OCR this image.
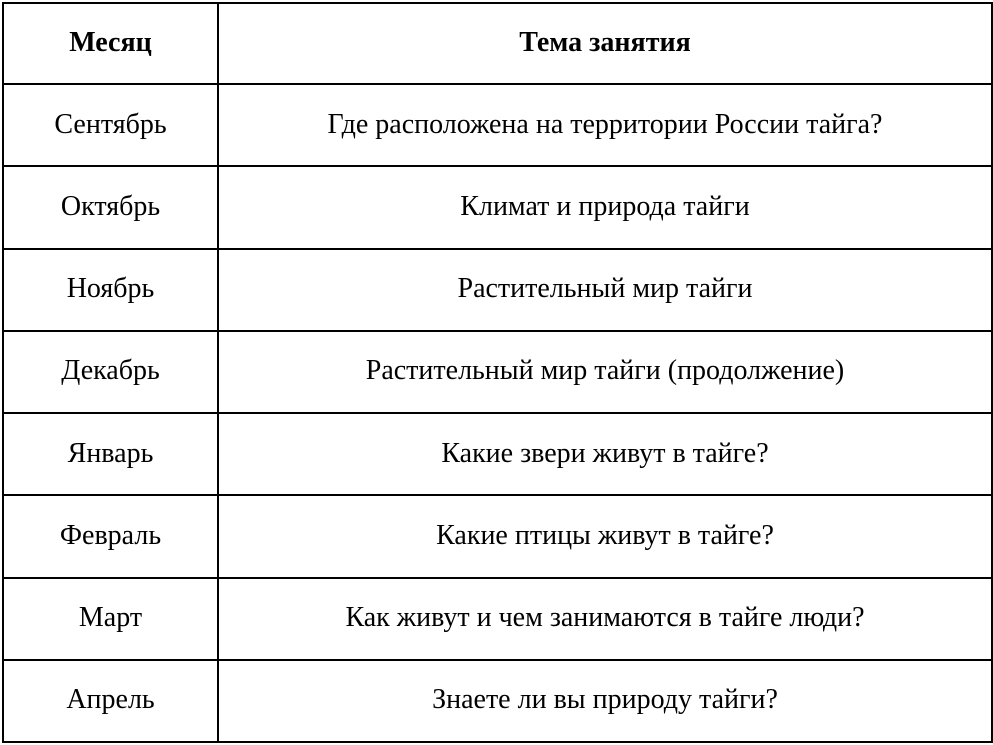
Месяц	Тема занятия
Сентябрь	Где расположена на территории России тайга?
Октябрь	Климат и природа тайги
Ноябрь	Растительный мир тайги
Декабрь	Растительный мир тайги (продолжение)
Январь	Какие звери живут в тайге?
Февраль	Какие птицы живут в тайге?
Март	Как живут и чем занимаются в тайге люди?
Апрель	Знаете ли вы природу тайги?
